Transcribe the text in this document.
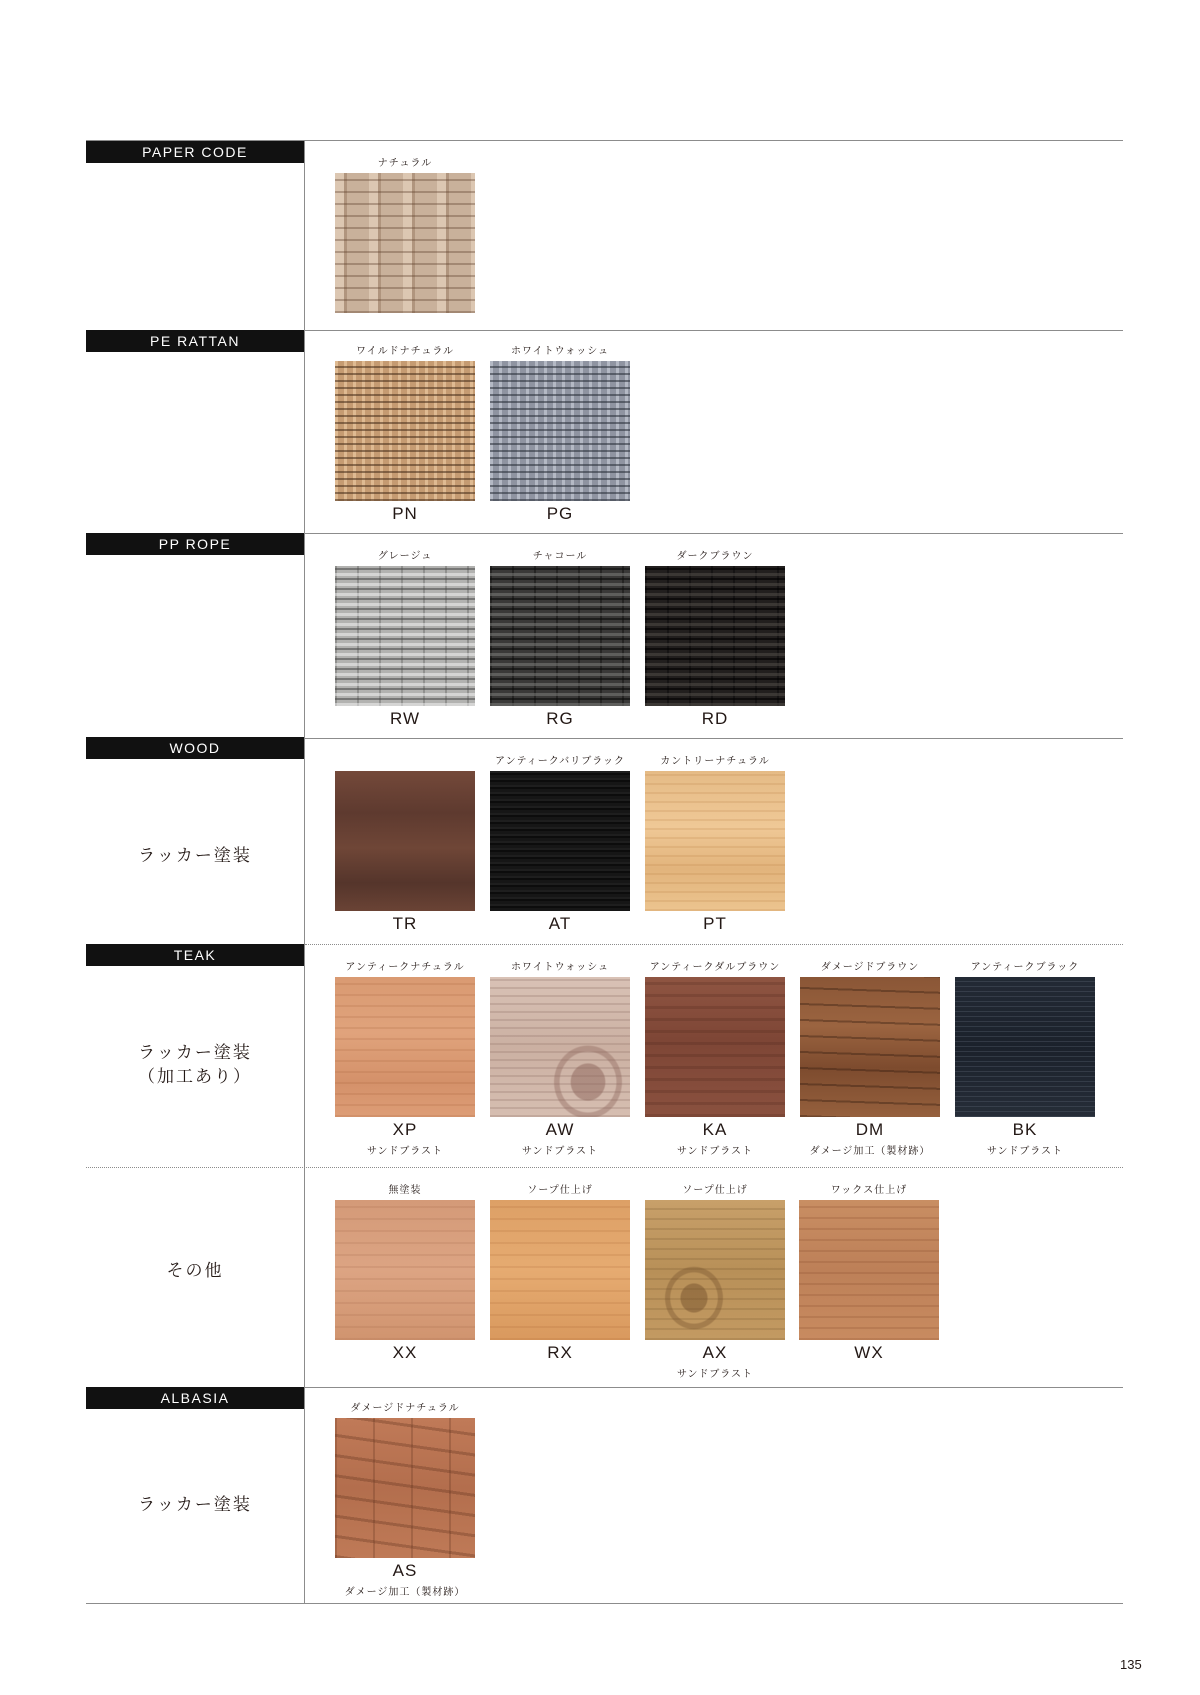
PAPER CODE
PE RATTAN
PP ROPE
WOOD
TEAK
ALBASIA
ラッカー塗装
ラッカー塗装
（加工あり）
その他
ラッカー塗装
ナチュラル
ワイルドナチュラル
PN
ホワイトウォッシュ
PG
グレージュ
RW
チャコール
RG
ダークブラウン
RD
TR
アンティークバリブラック
AT
カントリーナチュラル
PT
アンティークナチュラル
XP
サンドブラスト
ホワイトウォッシュ
AW
サンドブラスト
アンティークダルブラウン
KA
サンドブラスト
ダメージドブラウン
DM
ダメージ加工（製材跡）
アンティークブラック
BK
サンドブラスト
無塗装
XX
ソープ仕上げ
RX
ソープ仕上げ
AX
サンドブラスト
ワックス仕上げ
WX
ダメージドナチュラル
AS
ダメージ加工（製材跡）
135
